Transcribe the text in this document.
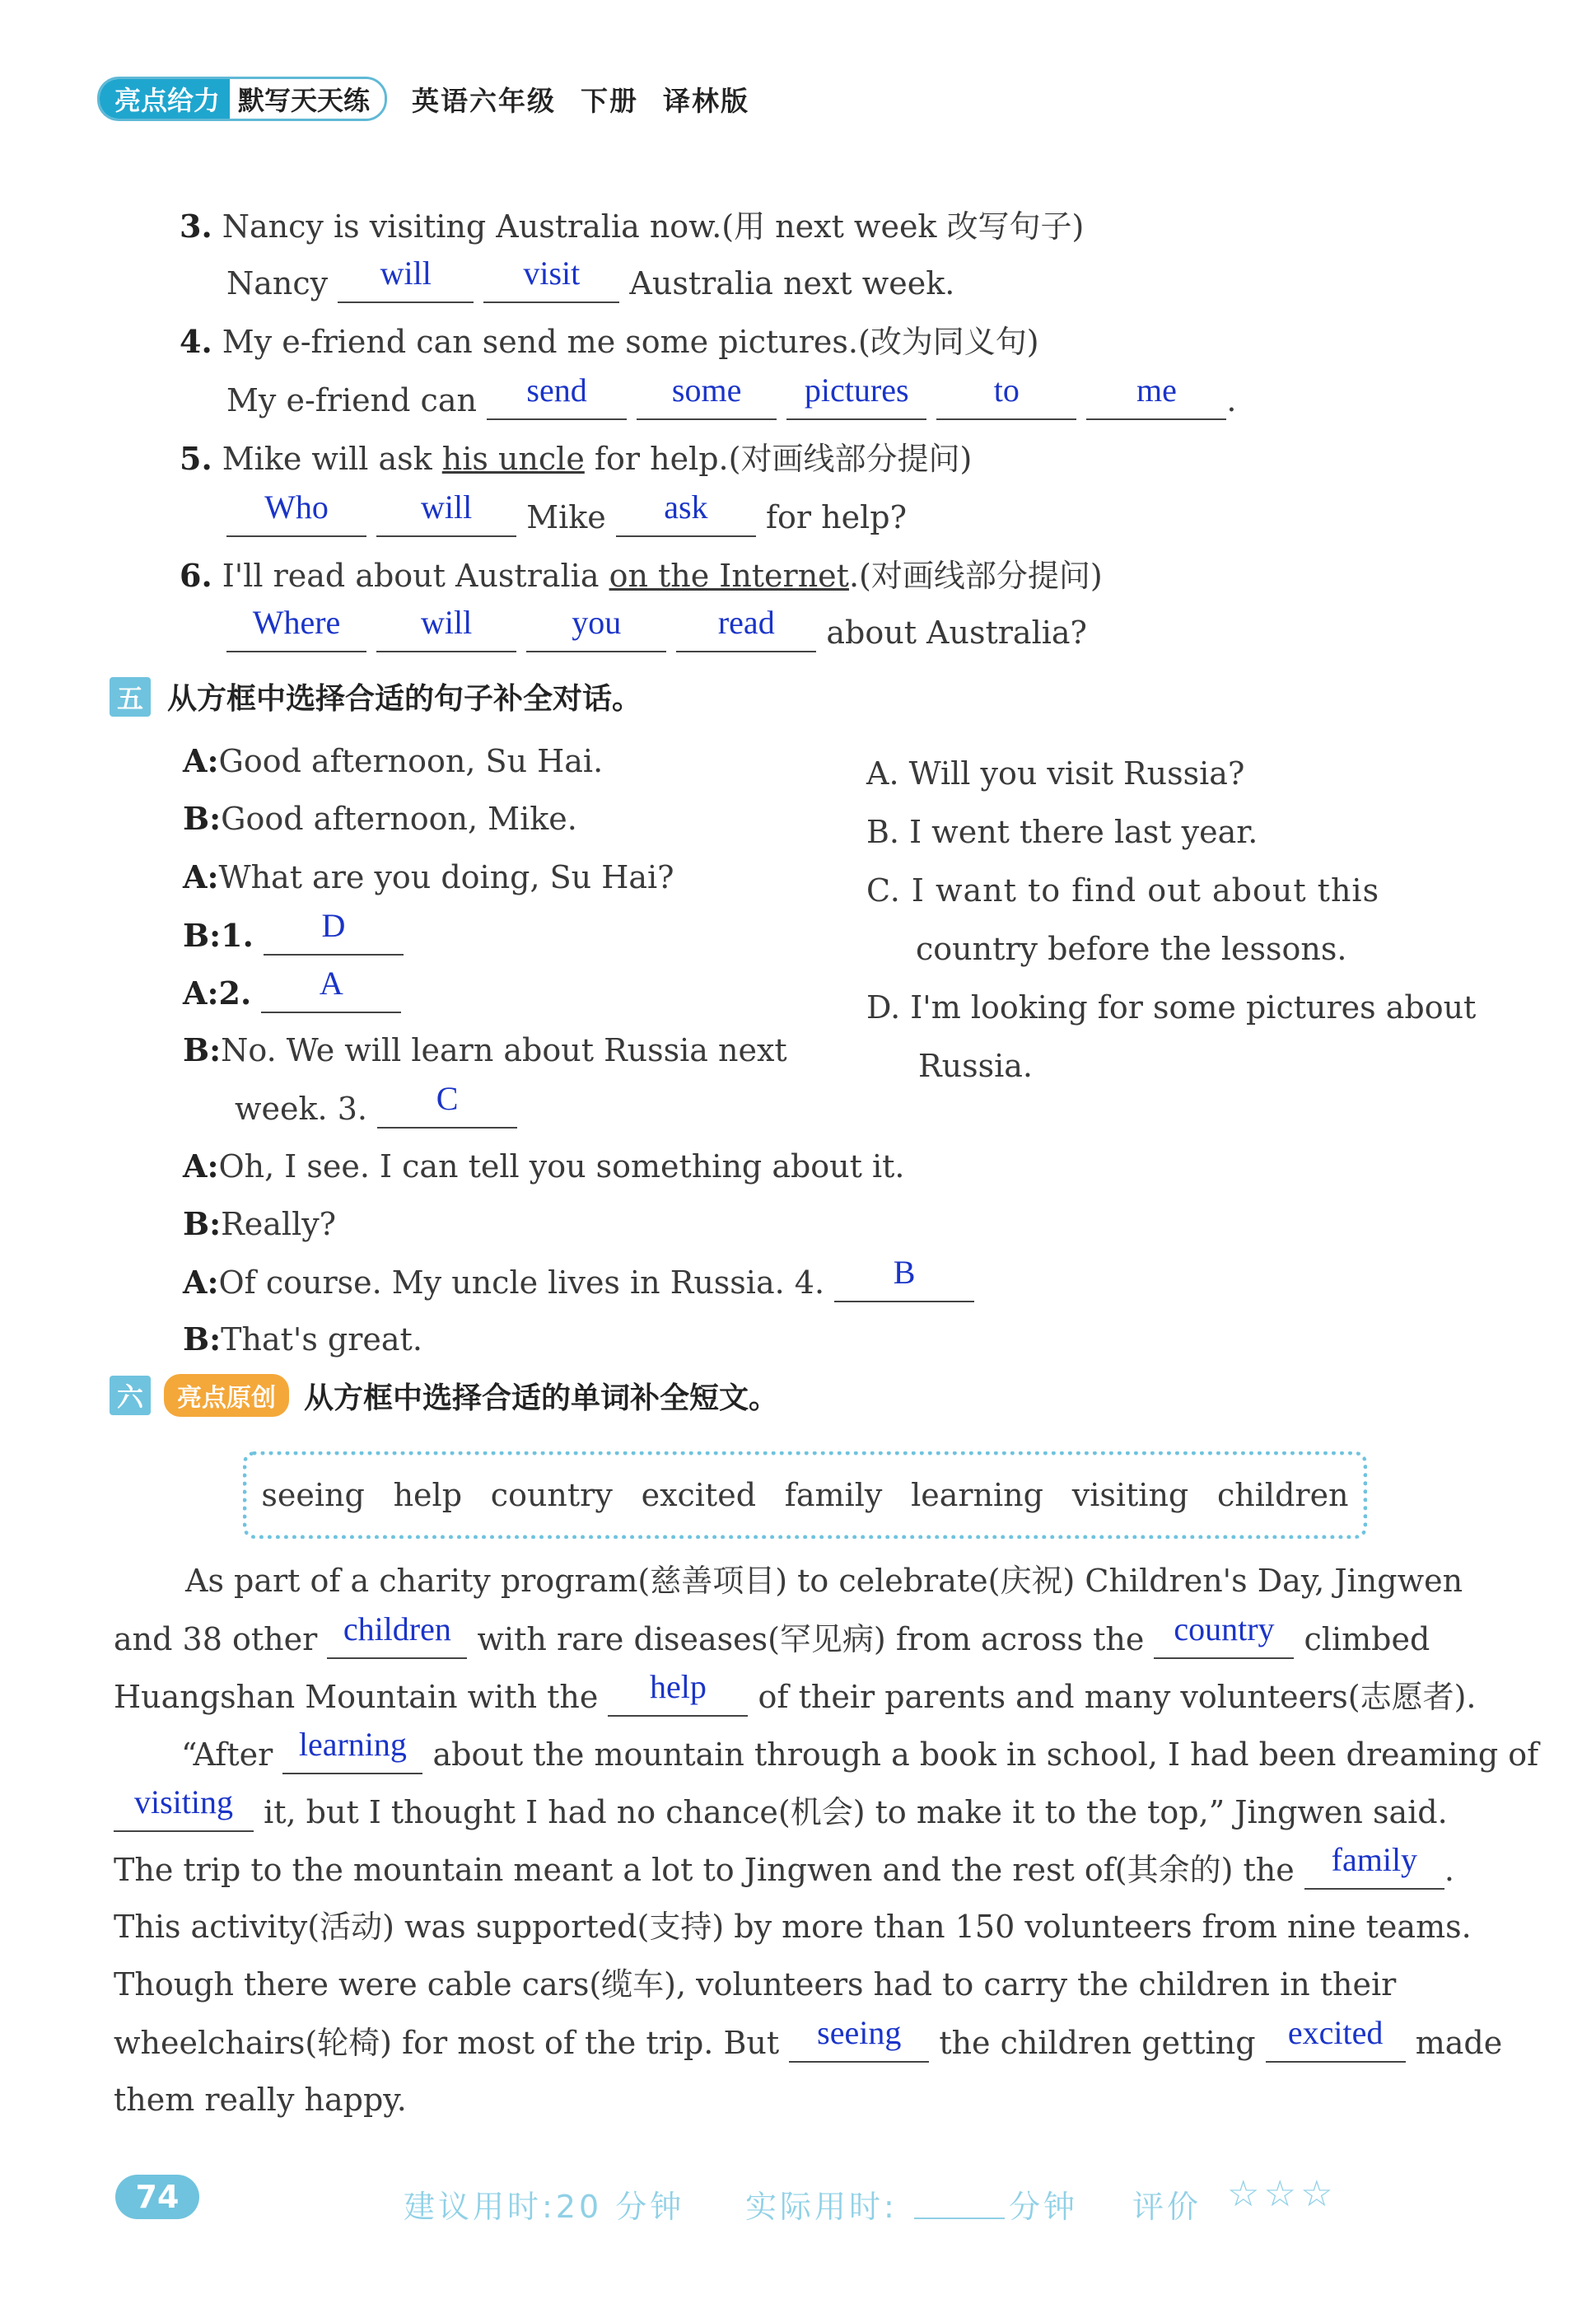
亮点给力 默写天天练	英语六年级 下册 译林版
3. Nancy is visiting Australia now.(用 next week 改写句子)
Nancy will	visit Australia next week.
4. My e-friend can send me some pictures.(改为同义句)
My e-friend can send	some pictures	to	me .
5. Mike will ask his uncle for help.(对画线部分提问)
Who	will Mike ask for help?
6. I'll read about Australia on the Internet.(对画线部分提问)
Where will	you	read about Australia?
五 从方框中选择合适的句子补全对话。
A:Good afternoon, Su Hai.
B:Good afternoon, Mike.
A:What are you doing, Su Hai?
B:1. D
A:2. A
B:No. We will learn about Russia next
week. 3. C
A:Oh, I see. I can tell you something about it.
B:Really?
A:Of course. My uncle lives in Russia. 4. B
B:That's great.
A. Will you visit Russia?
B. I went there last year.
C. I want to find out about this
country before the lessons.
D. I'm looking for some pictures about
Russia.
六	亮点原创 从方框中选择合适的单词补全短文。
seeing help country excited family learning visiting children
As part of a charity program(慈善项目) to celebrate(庆祝) Children's Day, Jingwen
and 38 other children with rare diseases(罕见病) from across the country climbed
Huangshan Mountain with the help of their parents and many volunteers(志愿者).
“After learning about the mountain through a book in school, I had been dreaming of
visiting it, but I thought I had no chance(机会) to make it to the top,” Jingwen said.
The trip to the mountain meant a lot to Jingwen and the rest of(其余的) the family .
This activity(活动) was supported(支持) by more than 150 volunteers from nine teams.
Though there were cable cars(缆车), volunteers had to carry the children in their
wheelchairs(轮椅) for most of the trip. But seeing the children getting excited made
them really happy.
74	建议用时:20 分钟 实际用时:	分钟 评价 ☆ ☆ ☆
